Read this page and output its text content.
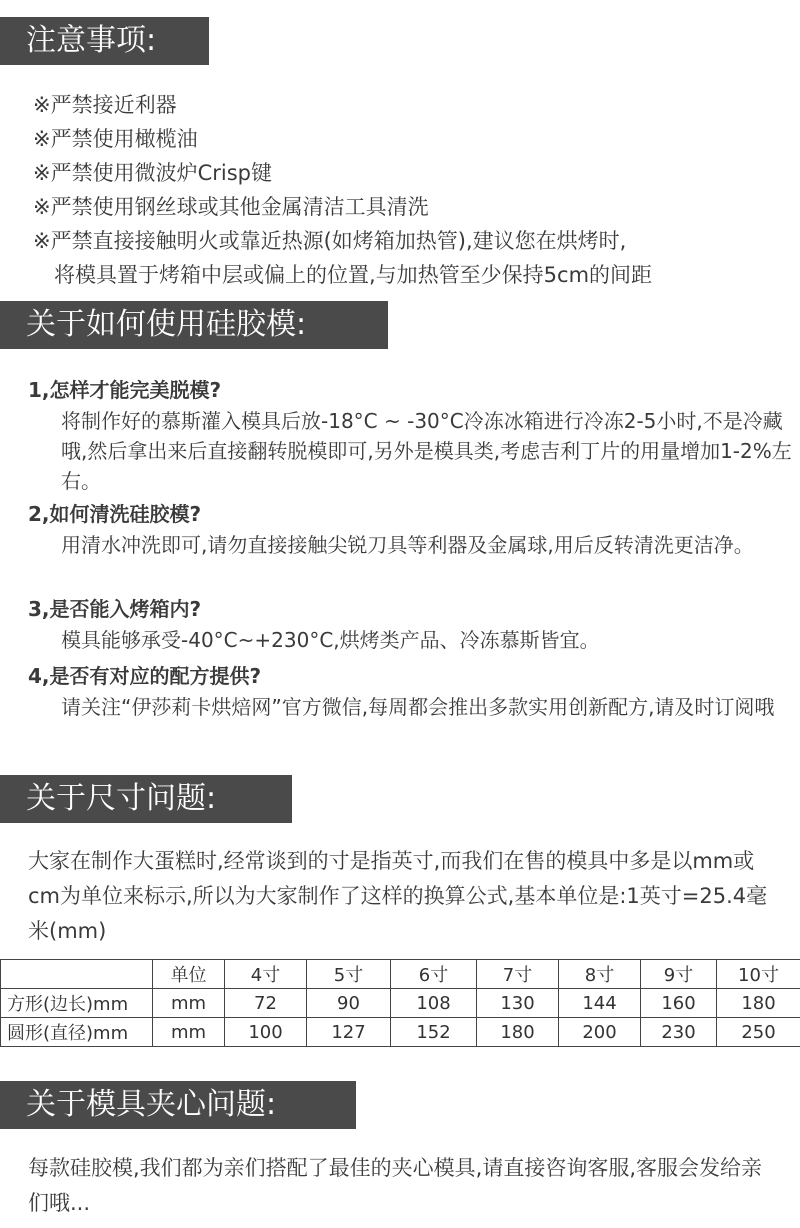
注意事项:
※严禁接近利器
※严禁使用橄榄油
※严禁使用微波炉Crisp键
※严禁使用钢丝球或其他金属清洁工具清洗
※严禁直接接触明火或靠近热源(如烤箱加热管),建议您在烘烤时,
将模具置于烤箱中层或偏上的位置,与加热管至少保持5cm的间距
关于如何使用硅胶模:
1,怎样才能完美脱模?
将制作好的慕斯灌入模具后放-18°C ~ -30°C冷冻冰箱进行冷冻2-5小时,不是冷藏哦,然后拿出来后直接翻转脱模即可,另外是模具类,考虑吉利丁片的用量增加1-2%左右。
2,如何清洗硅胶模?
用清水冲洗即可,请勿直接接触尖锐刀具等利器及金属球,用后反转清洗更洁净。
3,是否能入烤箱内?
模具能够承受-40°C~+230°C,烘烤类产品、冷冻慕斯皆宜。
4,是否有对应的配方提供?
请关注“伊莎莉卡烘焙网”官方微信,每周都会推出多款实用创新配方,请及时订阅哦
关于尺寸问题:
大家在制作大蛋糕时,经常谈到的寸是指英寸,而我们在售的模具中多是以mm或cm为单位来标示,所以为大家制作了这样的换算公式,基本单位是:1英寸=25.4毫米(mm)
	单位	4寸	5寸	6寸	7寸	8寸	9寸	10寸
方形(边长)mm	mm	72	90	108	130	144	160	180
圆形(直径)mm	mm	100	127	152	180	200	230	250
关于模具夹心问题:
每款硅胶模,我们都为亲们搭配了最佳的夹心模具,请直接咨询客服,客服会发给亲们哦...
